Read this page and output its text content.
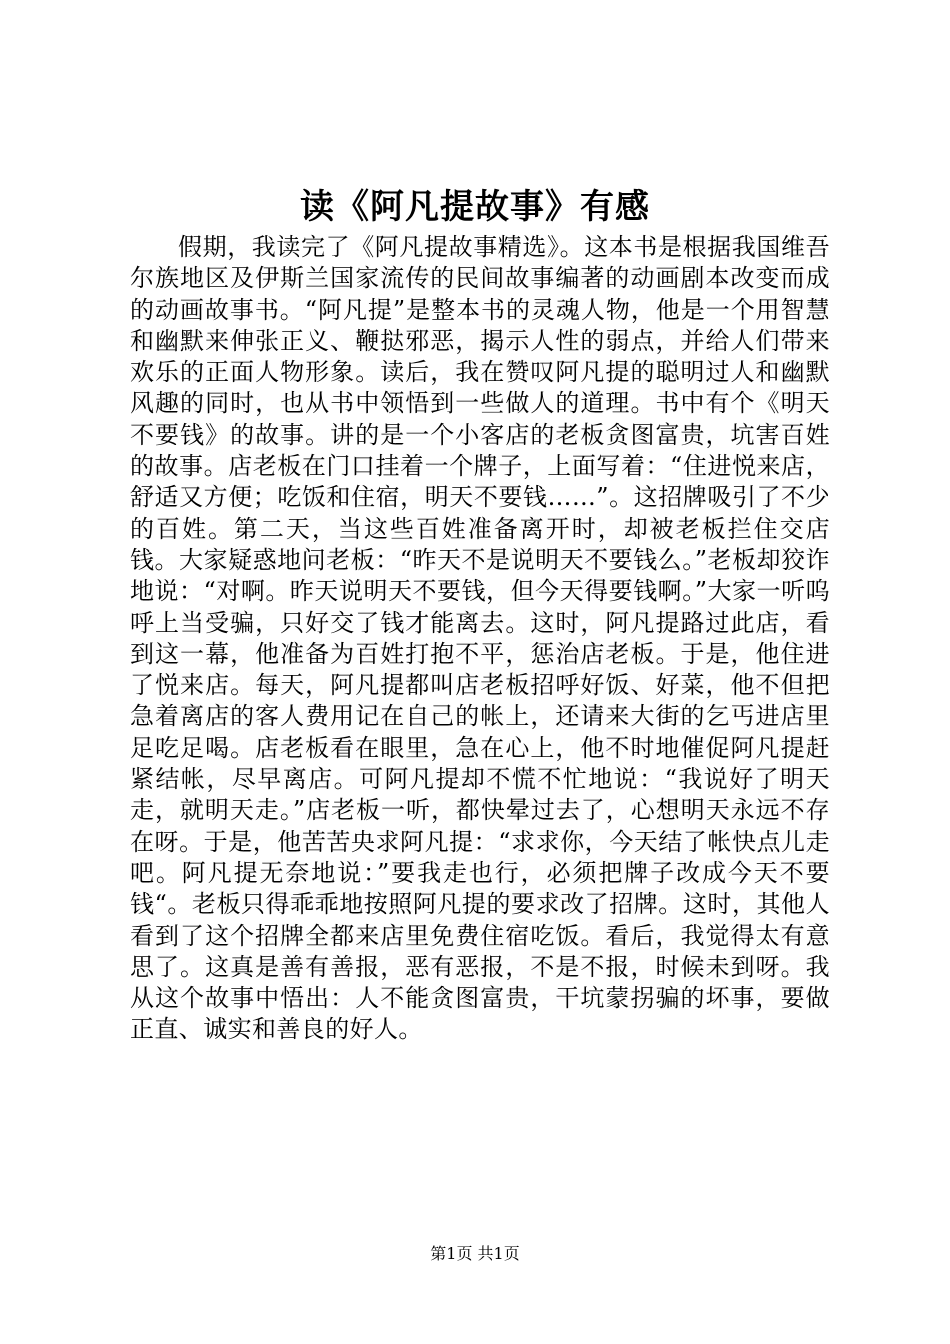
读《阿凡提故事》有感

假期，我读完了《阿凡提故事精选》。这本书是根据我国维吾尔族地区及伊斯兰国家流传的民间故事编著的动画剧本改变而成的动画故事书。“阿凡提”是整本书的灵魂人物，他是一个用智慧和幽默来伸张正义、鞭挞邪恶，揭示人性的弱点，并给人们带来欢乐的正面人物形象。读后，我在赞叹阿凡提的聪明过人和幽默风趣的同时，也从书中领悟到一些做人的道理。书中有个《明天不要钱》的故事。讲的是一个小客店的老板贪图富贵，坑害百姓的故事。店老板在门口挂着一个牌子，上面写着：“住进悦来店，舒适又方便；吃饭和住宿，明天不要钱……”。这招牌吸引了不少的百姓。第二天，当这些百姓准备离开时，却被老板拦住交店钱。大家疑惑地问老板：“昨天不是说明天不要钱么。”老板却狡诈地说：“对啊。昨天说明天不要钱，但今天得要钱啊。”大家一听呜呼上当受骗，只好交了钱才能离去。这时，阿凡提路过此店，看到这一幕，他准备为百姓打抱不平，惩治店老板。于是，他住进了悦来店。每天，阿凡提都叫店老板招呼好饭、好菜，他不但把急着离店的客人费用记在自己的帐上，还请来大街的乞丐进店里足吃足喝。店老板看在眼里，急在心上，他不时地催促阿凡提赶紧结帐，尽早离店。可阿凡提却不慌不忙地说：“我说好了明天走，就明天走。”店老板一听，都快晕过去了，心想明天永远不存在呀。于是，他苦苦央求阿凡提：“求求你，今天结了帐快点儿走吧。阿凡提无奈地说：”要我走也行，必须把牌子改成今天不要钱“。老板只得乖乖地按照阿凡提的要求改了招牌。这时，其他人看到了这个招牌全都来店里免费住宿吃饭。看后，我觉得太有意思了。这真是善有善报，恶有恶报，不是不报，时候未到呀。我从这个故事中悟出：人不能贪图富贵，干坑蒙拐骗的坏事，要做正直、诚实和善良的好人。

第1页 共1页
